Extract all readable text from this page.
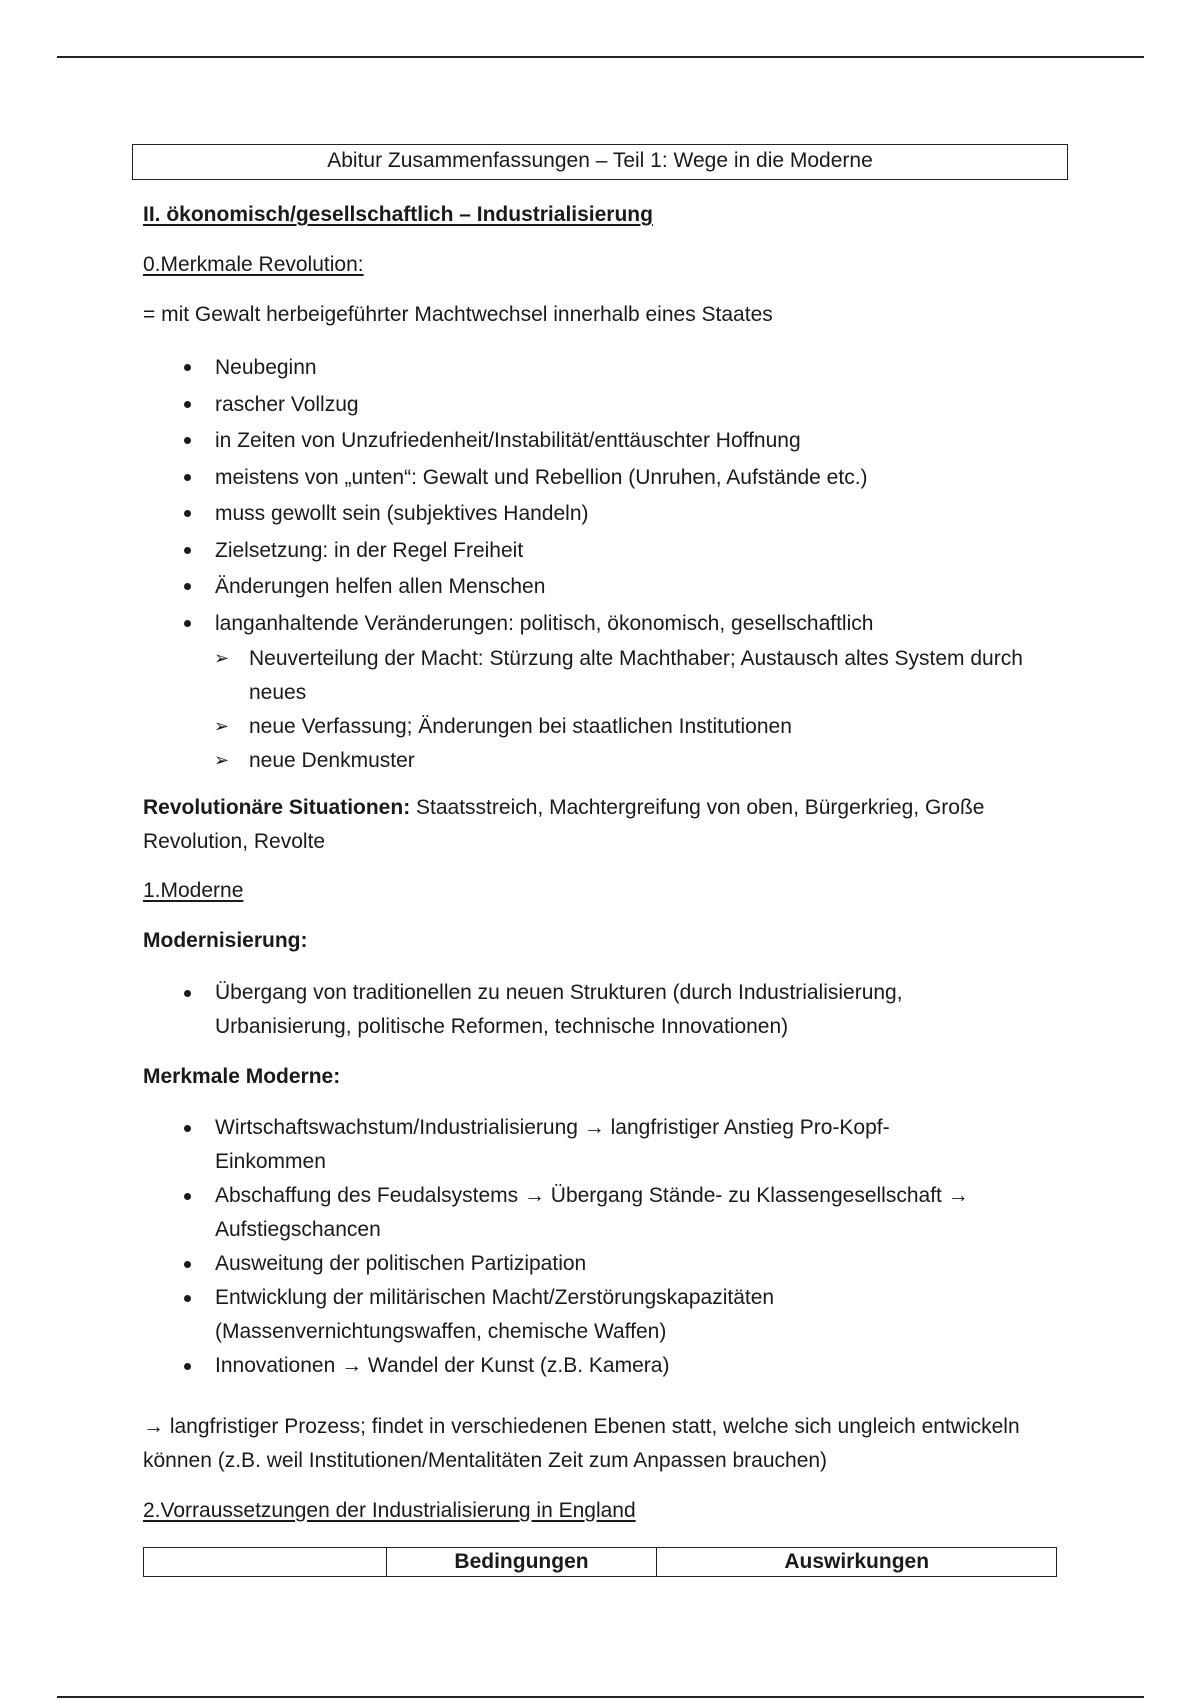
Abitur Zusammenfassungen – Teil 1: Wege in die Moderne
II. ökonomisch/gesellschaftlich – Industrialisierung
0.Merkmale Revolution:
= mit Gewalt herbeigeführter Machtwechsel innerhalb eines Staates
Neubeginn
rascher Vollzug
in Zeiten von Unzufriedenheit/Instabilität/enttäuschter Hoffnung
meistens von „unten“: Gewalt und Rebellion (Unruhen, Aufstände etc.)
muss gewollt sein (subjektives Handeln)
Zielsetzung: in der Regel Freiheit
Änderungen helfen allen Menschen
langanhaltende Veränderungen: politisch, ökonomisch, gesellschaftlich
➢ Neuverteilung der Macht: Stürzung alte Machthaber; Austausch altes System durch neues
➢ neue Verfassung; Änderungen bei staatlichen Institutionen
➢ neue Denkmuster
Revolutionäre Situationen: Staatsstreich, Machtergreifung von oben, Bürgerkrieg, Große Revolution, Revolte
1.Moderne
Modernisierung:
Übergang von traditionellen zu neuen Strukturen (durch Industrialisierung, Urbanisierung, politische Reformen, technische Innovationen)
Merkmale Moderne:
Wirtschaftswachstum/Industrialisierung → langfristiger Anstieg Pro-Kopf-Einkommen
Abschaffung des Feudalsystems → Übergang Stände- zu Klassengesellschaft → Aufstiegschancen
Ausweitung der politischen Partizipation
Entwicklung der militärischen Macht/Zerstörungskapazitäten (Massenvernichtungswaffen, chemische Waffen)
Innovationen → Wandel der Kunst (z.B. Kamera)
→ langfristiger Prozess; findet in verschiedenen Ebenen statt, welche sich ungleich entwickeln können (z.B. weil Institutionen/Mentalitäten Zeit zum Anpassen brauchen)
2.Vorraussetzungen der Industrialisierung in England
	Bedingungen	Auswirkungen
